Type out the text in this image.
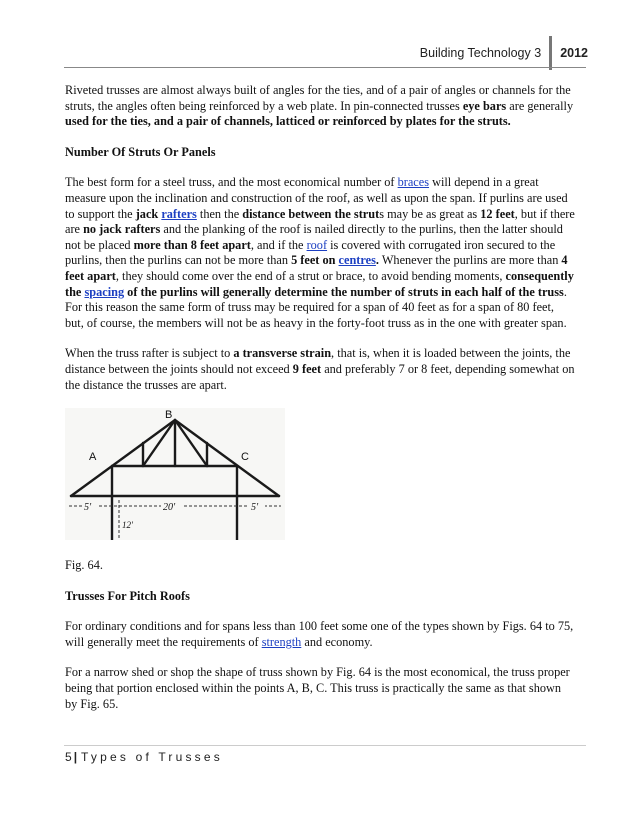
Building Technology 3	2012

Riveted trusses are almost always built of angles for the ties, and of a pair of angles or channels for the struts, the angles often being reinforced by a web plate. In pin-connected trusses eye bars are generally used for the ties, and a pair of channels, latticed or reinforced by plates for the struts.

Number Of Struts Or Panels

The best form for a steel truss, and the most economical number of braces will depend in a great measure upon the inclination and construction of the roof, as well as upon the span. If purlins are used to support the jack rafters then the distance between the struts may be as great as 12 feet, but if there are no jack rafters and the planking of the roof is nailed directly to the purlins, then the latter should not be placed more than 8 feet apart, and if the roof is covered with corrugated iron secured to the purlins, then the purlins can not be more than 5 feet on centres. Whenever the purlins are more than 4 feet apart, they should come over the end of a strut or brace, to avoid bending moments, consequently the spacing of the purlins will generally determine the number of struts in each half of the truss. For this reason the same form of truss may be required for a span of 40 feet as for a span of 80 feet, but, of course, the members will not be as heavy in the forty-foot truss as in the one with greater span.

When the truss rafter is subject to a transverse strain, that is, when it is loaded between the joints, the distance between the joints should not exceed 9 feet and preferably 7 or 8 feet, depending somewhat on the distance the trusses are apart.

B
A	C
5'	20'	5'
12'

Fig. 64.

Trusses For Pitch Roofs

For ordinary conditions and for spans less than 100 feet some one of the types shown by Figs. 64 to 75, will generally meet the requirements of strength and economy.

For a narrow shed or shop the shape of truss shown by Fig. 64 is the most economical, the truss proper being that portion enclosed within the points A, B, C. This truss is practically the same as that shown by Fig. 65.

5 | Types of Trusses
